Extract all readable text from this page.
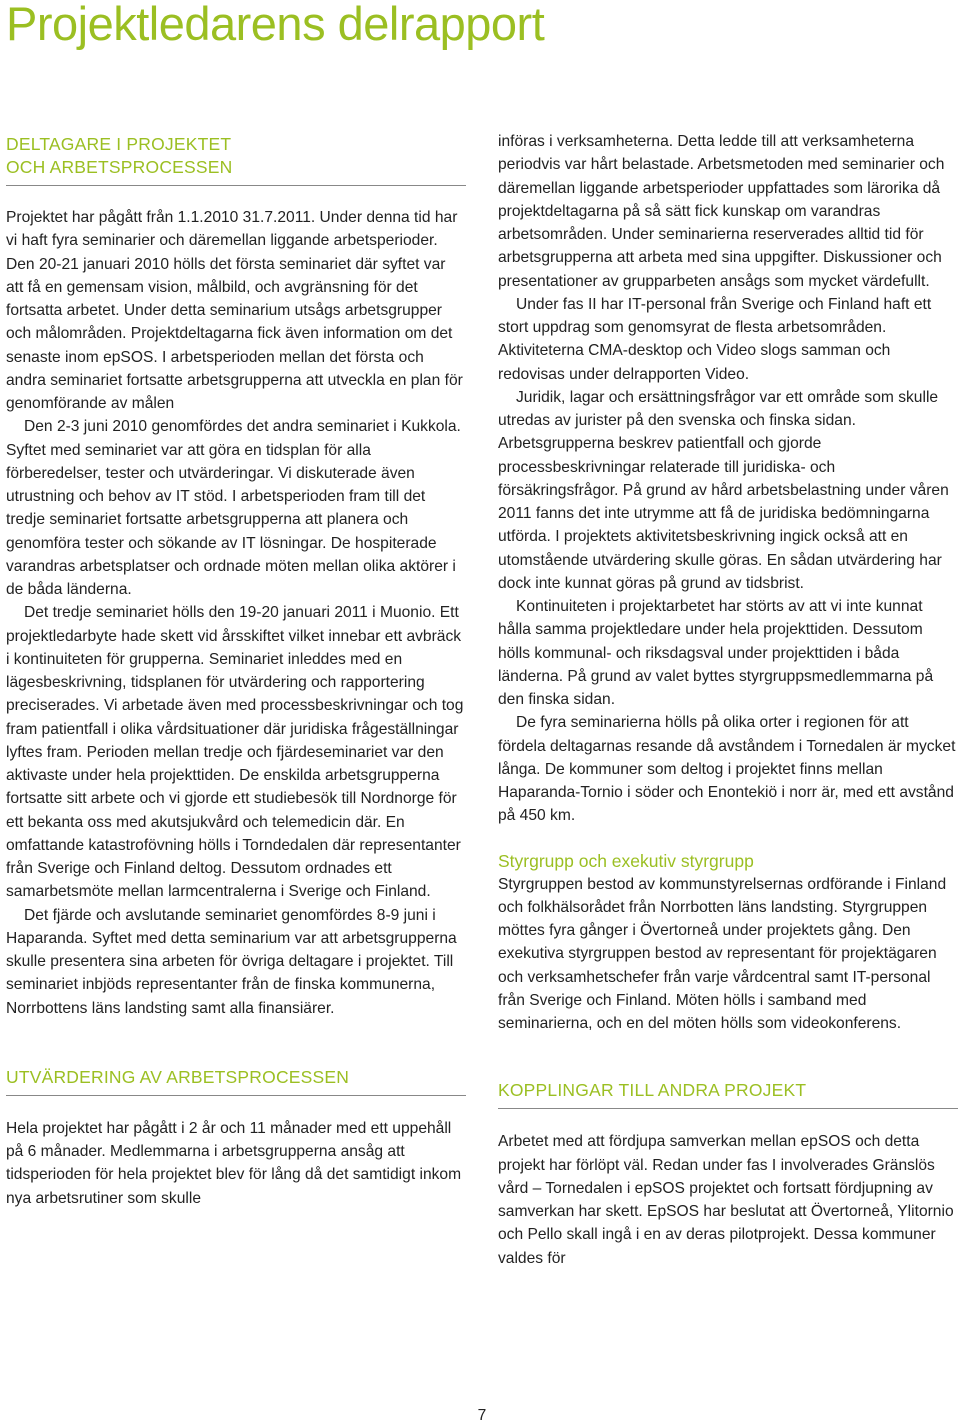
Projektledarens delrapport
DELTAGARE I PROJEKTET
OCH ARBETSPROCESSEN

Projektet har pågått från 1.1.2010 31.7.2011. Under denna tid har vi haft fyra seminarier och däremellan liggande arbetsperioder. Den 20-21 januari 2010 hölls det första seminariet där syftet var att få en gemensam vision, målbild, och avgränsning för det fortsatta arbetet. Under detta seminarium utsågs arbetsgrupper och målområden. Projektdeltagarna fick även information om det senaste inom epSOS. I arbetsperioden mellan det första och andra seminariet fortsatte arbetsgrupperna att utveckla en plan för genomförande av målen

Den 2-3 juni 2010 genomfördes det andra seminariet i Kukkola. Syftet med seminariet var att göra en tidsplan för alla förberedelser, tester och utvärderingar. Vi diskuterade även utrustning och behov av IT stöd. I arbetsperioden fram till det tredje seminariet fortsatte arbetsgrupperna att planera och genomföra tester och sökande av IT lösningar. De hospiterade varandras arbetsplatser och ordnade möten mellan olika aktörer i de båda länderna.

Det tredje seminariet hölls den 19-20 januari 2011 i Muonio. Ett projektledarbyte hade skett vid årsskiftet vilket innebar ett avbräck i kontinuiteten för grupperna. Seminariet inleddes med en lägesbeskrivning, tidsplanen för utvärdering och rapportering preciserades. Vi arbetade även med processbeskrivningar och tog fram patientfall i olika vårdsituationer där juridiska frågeställningar lyftes fram. Perioden mellan tredje och fjärdeseminariet var den aktivaste under hela projekttiden. De enskilda arbetsgrupperna fortsatte sitt arbete och vi gjorde ett studiebesök till Nordnorge för ett bekanta oss med akutsjukvård och telemedicin där. En omfattande katastrofövning hölls i Torndedalen där representanter från Sverige och Finland deltog. Dessutom ordnades ett samarbetsmöte mellan larmcentralerna i Sverige och Finland.

Det fjärde och avslutande seminariet genomfördes 8-9 juni i Haparanda. Syftet med detta seminarium var att arbetsgrupperna skulle presentera sina arbeten för övriga deltagare i projektet. Till seminariet inbjöds representanter från de finska kommunerna, Norrbottens läns landsting samt alla finansiärer.

UTVÄRDERING AV ARBETSPROCESSEN

Hela projektet har pågått i 2 år och 11 månader med ett uppehåll på 6 månader. Medlemmarna i arbetsgrupperna ansåg att tidsperioden för hela projektet blev för lång då det samtidigt inkom nya arbetsrutiner som skulle

införas i verksamheterna. Detta ledde till att verksamheterna periodvis var hårt belastade. Arbetsmetoden med seminarier och däremellan liggande arbetsperioder uppfattades som lärorika då projektdeltagarna på så sätt fick kunskap om varandras arbetsområden. Under seminarierna reserverades alltid tid för arbetsgrupperna att arbeta med sina uppgifter. Diskussioner och presentationer av grupparbeten ansågs som mycket värdefullt.

Under fas II har IT-personal från Sverige och Finland haft ett stort uppdrag som genomsyrat de flesta arbetsområden. Aktiviteterna CMA-desktop och Video slogs samman och redovisas under delrapporten Video.

Juridik, lagar och ersättningsfrågor var ett område som skulle utredas av jurister på den svenska och finska sidan. Arbetsgrupperna beskrev patientfall och gjorde processbeskrivningar relaterade till juridiska- och försäkringsfrågor. På grund av hård arbetsbelastning under våren 2011 fanns det inte utrymme att få de juridiska bedömningarna utförda. I projektets aktivitetsbeskrivning ingick också att en utomstående utvärdering skulle göras. En sådan utvärdering har dock inte kunnat göras på grund av tidsbrist.

Kontinuiteten i projektarbetet har störts av att vi inte kunnat hålla samma projektledare under hela projekttiden. Dessutom hölls kommunal- och riksdagsval under projekttiden i båda länderna. På grund av valet byttes styrgruppsmedlemmarna på den finska sidan.

De fyra seminarierna hölls på olika orter i regionen för att fördela deltagarnas resande då avståndem i Tornedalen är mycket långa. De kommuner som deltog i projektet finns mellan Haparanda-Tornio i söder och Enontekiö i norr är, med ett avstånd på 450 km.

Styrgrupp och exekutiv styrgrupp

Styrgruppen bestod av kommunstyrelsernas ordförande i Finland och folkhälsorådet från Norrbotten läns landsting. Styrgruppen möttes fyra gånger i Övertorneå under projektets gång. Den exekutiva styrgruppen bestod av representant för projektägaren och verksamhetschefer från varje vårdcentral samt IT-personal från Sverige och Finland. Möten hölls i samband med seminarierna, och en del möten hölls som videokonferens.

KOPPLINGAR TILL ANDRA PROJEKT

Arbetet med att fördjupa samverkan mellan epSOS och detta projekt har förlöpt väl. Redan under fas I involverades Gränslös vård – Tornedalen i epSOS projektet och fortsatt fördjupning av samverkan har skett. EpSOS har beslutat att Övertorneå, Ylitornio och Pello skall ingå i en av deras pilotprojekt. Dessa kommuner valdes för

7
